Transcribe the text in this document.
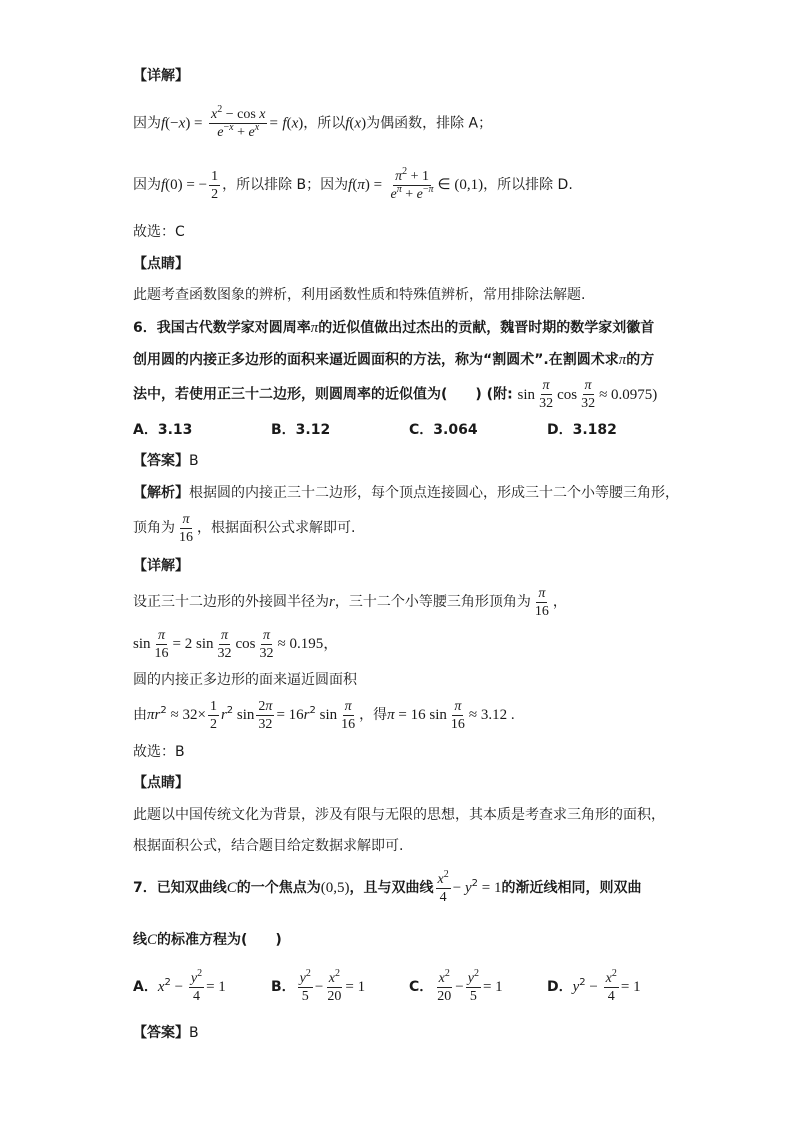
【详解】
因为$f(-x) = \frac{x^2 - \cos x}{e^{-x} + e^x} = f(x)$，所以f(x)为偶函数，排除 A；
因为f(0) = − $\frac{1}{2}$ ，所以排除 B；因为$f(\pi) = \frac{\pi^2 + 1}{e^\pi + e^{-\pi}}$ ∈ (0,1)，所以排除 D.
故选：C
【点睛】
此题考查函数图象的辨析，利用函数性质和特殊值辨析，常用排除法解题.
6．我国古代数学家对圆周率π的近似值做出过杰出的贡献，魏晋时期的数学家刘徽首
创用圆的内接正多边形的面积来逼近圆面积的方法，称为“割圆术”.在割圆术求π的方
法中，若使用正三十二边形，则圆周率的近似值为(　　) (附: $\sin \frac{\pi}{32}$ $\cos \frac{\pi}{32} \approx 0.0975$)
A．3.13	B．3.12	C．3.064	D．3.182
【答案】B
【解析】根据圆的内接正三十二边形，每个顶点连接圆心，形成三十二个小等腰三角形，
顶角为 $\frac{\pi}{16}$ ，根据面积公式求解即可.
【详解】
设正三十二边形的外接圆半径为r，三十二个小等腰三角形顶角为 $\frac{\pi}{16}$ ，
$\sin \frac{\pi}{16} = 2$ $\sin \frac{\pi}{32}$ $\cos \frac{\pi}{32} \approx 0.195$，
圆的内接正多边形的面来逼近圆面积
由$\pi r^2 \approx 32\times \frac{1}{2} r^2$ $\sin \frac{2\pi}{32} = 16r^2$ $\sin \frac{\pi}{16}$ ，得π = 16 $\sin \frac{\pi}{16} \approx 3.12$ .
故选：B
【点睛】
此题以中国传统文化为背景，涉及有限与无限的思想，其本质是考查求三角形的面积，
根据面积公式，结合题目给定数据求解即可.
7．已知双曲线C的一个焦点为(0,5)，且与双曲线 $\frac{x^2}{4} - y^2 = 1$的渐近线相同，则双曲
线C的标准方程为(　　)
A．$x^2 - \frac{y^2}{4} = 1$	B． $\frac{y^2}{5} - \frac{x^2}{20} = 1$	C． $\frac{x^2}{20} - \frac{y^2}{5} = 1$	D．$y^2 - \frac{x^2}{4} = 1$
【答案】B
